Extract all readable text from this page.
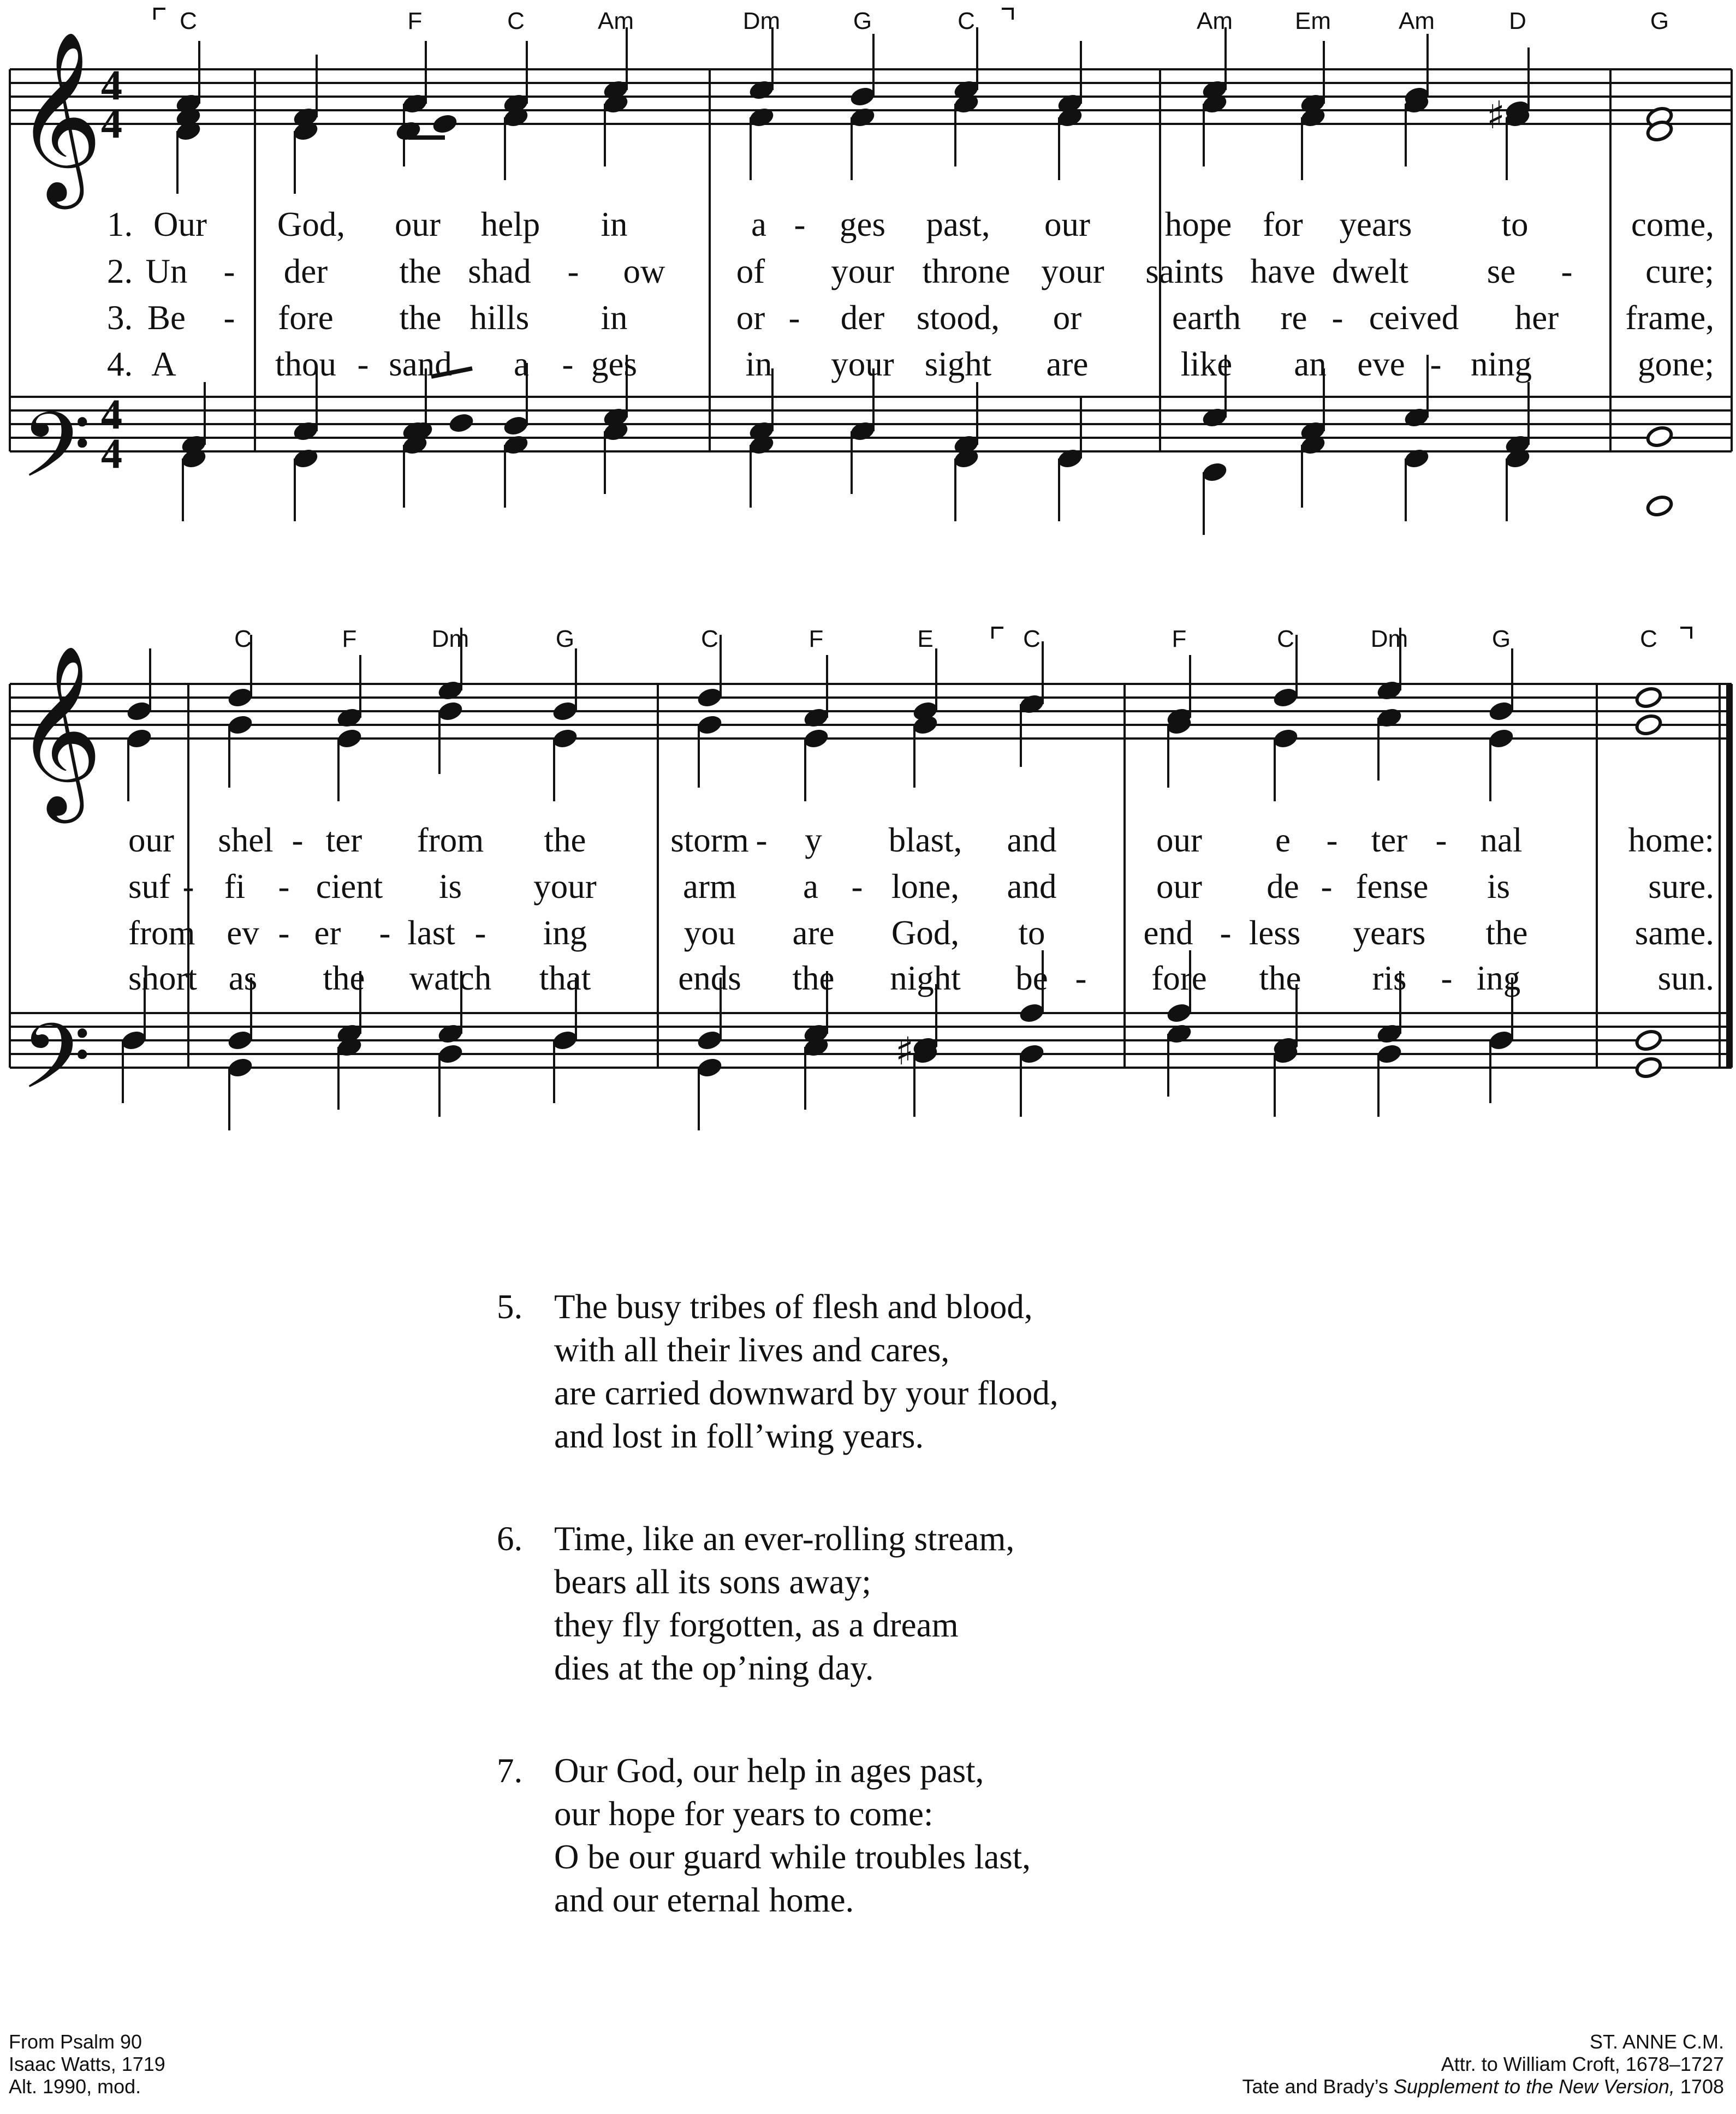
♯
♯
𝄞
𝄢
𝄞
𝄢
4
4
4
4
C	F	C	Am	Dm	G	C	Am	Em	Am	D	G
C	F	Dm	G	C	F	E	C	F	C	Dm	G	C
1. Our God, our help in	a - ges past, our hope for years	to	come,
2. Un - der the shad - ow of your throne your saints have dwelt se - cure;
3. Be - fore the hills in	or - der stood, or	earth re - ceived her frame,
4. A	thou - sand a - ges	in your sight are	like an eve - ning	gone;
our shel - ter from the storm - y blast, and	our e - ter - nal	home:
suf - fi - cient is your	arm a - lone, and	our de - fense is	sure.
from ev - er - last - ing	you are God, to	end - less years the	same.
short as the watch that	ends the night be - fore the ris - ing	sun.
5. The busy tribes of flesh and blood,
with all their lives and cares,
are carried downward by your flood,
and lost in foll’wing years.
6. Time, like an ever-rolling stream,
bears all its sons away;
they fly forgotten, as a dream
dies at the op’ning day.
7. Our God, our help in ages past,
our hope for years to come:
O be our guard while troubles last,
and our eternal home.
From Psalm 90
Isaac Watts, 1719
Alt. 1990, mod.
ST. ANNE C.M.
Attr. to William Croft, 1678–1727
Tate and Brady’s Supplement to the New Version, 1708
